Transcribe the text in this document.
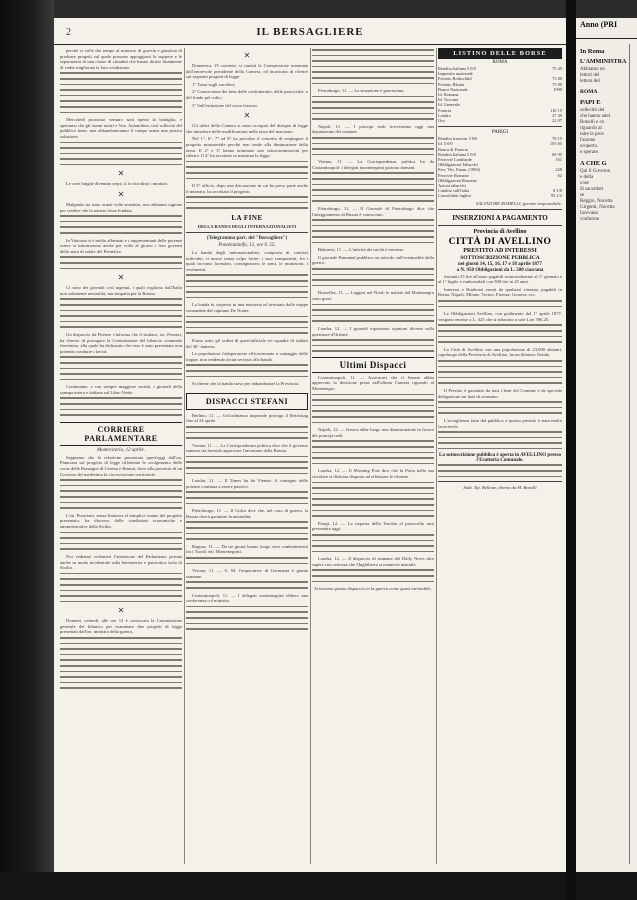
2	IL BERSAGLIERE

perchè si volle dar tempo al ministro di gravità e giustizia di produrre progetti sul quale possono appoggiarsi le suppore e le separazioni di una classe di cittadini che hanno diritto finalmente di veder migliorata la loro condizione.

Mercoledì prossimo venturo sarà aperta la battaglia, e speriamo che gli esami nostri e Von. Aulamibon, così sollecito del pubblico bene, non abbandoneranno il campo senza una pratica soluzione.

✕

Le cose lunghe diventan serpi; sì lo ricordino i ministri.

✕

Malgrado sia stato ormai volte smentito, non abbiamo ragione per credere che la notizia fosse fondata.

In Vaticano si è molto allarmati e i rappresentanti delle potenze estere si informarono anche per volte al giorno i loro governi dello stato di salute del Pontefice.

✕

Ci sono dei giornali così ingenui, i quali vogliono dall'Italia non solamente neutralità, ma simpatia per la Russia.

Un dispaccio da Firenze c'informa che il sindaco, on. Peruzzi, ha chiesto di prorogare la Commissione del bilancio comunale fiorentino, alla quale ha dichiarato che esso è stato presentato non potendo condurre i lavori.

Continuano, e con sempre maggiore serietà, i giornali della stampa estera e italiana sul Libro Verde.

CORRIERE PARLAMENTARE
Montecitorio, 12 aprile.

Sappiamo che la relazione presentata quest'oggi dall'on. Pianciani sul progetto di legge riflettente lo svolgimento delle corse delle Romagne di Cesena e Rimini, dove alla presenza di un Governo del medesimo la circoscrizione territoriale.

L'on. Pianciani, senza limitarsi al semplice esame del progetto presentato, ha discorso delle condizioni economiche e amministrative della Sicilia.

Noi vediamo volentieri l'attenzione del Parlamento portata anche in modo incidentale sulla benemerita e patriottica isola di Sicilia.

✕

Domeni, venerdì, alle ore 12 è convocata la Commissione generale del bilancio per esaminare due progetti di legge presentati dall'on. ministro della guerra.

✕

Domenica, 15 corrente, si riunirà la Commissione nominata dall'onorevole presidente della Camera, ed incaricata di riferire sui seguenti progetti di legge:

1° Tassa sugli zuccheri;

2° Conversione dei beni delle confraternite, delle parrocchie, e del fondo pel culto;

3° Sull'estinzione del corso forzoso.

✕

Gli uffici della Camera si sono occupati del disegno di legge che introduce delle modificazioni nella tassa del macinato.

Nel 1°, 6°, 7° ed 8° ha prevalso il concetto di respingere il progetto ministeriale perchè non tende alla diminuzione della tassa. Il 2° e 3° hanno nominato uno sottocommissioni per riferire. Il 4° ha accettato in massima la legge.

Il 5° ufficio, dopo una discussione in cui ha preso parte anche il ministro, ha accettato il progetto.

LA FINE
DELLA BANDA DEGLI INTERNAZIONALISTI
(Telegramma part. del "Bersagliere")
Pontelandolfo, 12, ore 9. 55.

La banda degli internazionalisti, composta di ventisei individui, si arrese senza colpo ferire; i suoi componenti, fra i quali trovansi forestieri, consegnarono le armi, le munizioni, i vestimenti.

La banda fu sorpresa in una masseria ed arrestata dalle truppe comandate dal capitano De Notter.

Erano sotto gli ordini di quest'ufficiale sei squadre di soldati del 36° fanteria.

Le popolazioni s'adoperarono efficacemente a vantaggio delle truppe, non rendendo alcun servizio alla banda.

Si ritiene che la banda stava per abbandonare la Provincia.

DISPACCI STEFANI

Berlino, 11. — Un'ordinanza imperiale proroga il Reichstag fino al 24 aprile.

Vienna, 11. — La Corrispondenza politica dice che il governo rumeno sta facendo approvare l'invasione della Russia.

Londra, 11. — Il Times ha da Vienna: il contegno delle potenze continua a essere passivo.

Pietroburgo, 11. — Il Golos dice che, nel caso di guerra, la Russia dovrà garantire la neutralità.

Ragusa, 11. — Da tre giorni hanno luogo serii combattimenti fra i Turchi ed i Montenegrini.

Verona, 11. — S. M. l'imperatrice di Germania è giunta stamane.

Costantinopoli, 11. — I delegati montenegrini ebbero una conferenza col ministro.

Pietroburgo, 11. — La situazione è gravissima.

Napoli, 11. — I principi reali riceveranno oggi una deputazione del comune.

Vienna, 11. — La Corrispondenza politica ha da Costantinopoli: i delegati montenegrini partono domani.

Pietroburgo, 11. — Il Giornale di Pietroburgo dice che l'atteggiamento di Russia è conosciuto.

Bukarest, 11. — L'attività dei turchi è estrema.

Il giornale Rumanul pubblica un articolo sull'eventualità della guerra.

Bruxelles, 11. — Leggesi nel Nord: le notizie dal Montenegro sono gravi.

Londra, 12. — I giornali esprimono opinioni diverse sulla questione d'Oriente.

Ultimi Dispacci

Costantinopoli, 11. — Assicurasi che il Senato abbia approvato la decisione presa nell'ultima Camera riguardo al Montenegro.

Napoli, 12. — Iersera ebbe luogo una dimostrazione in favore dei principi reali.

Londra, 12. — Il Morning Post dice che la Porta nella sua circolare si dichiara disposta ad effettuare le riforme.

Parigi, 12. — La risposta della Turchia al protocollo sarà presentata oggi.

Londra, 12. — Il dispaccio di stamane del Daily News dice sapere con certezza che l'Inghilterra si manterrà neutrale.

Si trovano questo dispaccio in la guerra come quasi inevitabile.
LISTINO DELLE BORSE
ROMA
Rendita Italiana 5 0/0	75 45
Impresito nazionale
Prestito Rothschild	73 80
Prestito Blount	75 80
Banca Nazionale	1990
Id. Romana
Id. Toscana
Id. Generale
Francia	110 15
Londra	27 49
Oro	22 07
PARIGI
Rendita francese 3 0/0	70 15
Id. 5 0/0	105 05
Banca di Francia
Rendita Italiana 5 0/0	69 95
Ferrovie Lombarde	161
Obbligazioni Tabacchi
Ferr. Vitt. Eman. (1863)	228
Ferrovie Romane	62
Obbligazioni Romane
Azioni tabacchi
Cambio sull'Italia	8 1/8
Consolidati inglesi	95 1/2
SALVATORE ROMELLI, gerente responsabile.
INSERZIONI A PAGAMENTO
Provincia di Avellino
CITTÀ DI AVELLINO
PRESTITO AD INTERESSI
SOTTOSCRIZIONE PUBBLICA
nei giorni 14, 15, 16, 17 e 18 aprile 1877
a N. 950 Obbligazioni da L. 500 ciascuna

fruttanti 25 lire all'anno pagabili semestralmente al 1° gennaio e al 1° luglio e rimborsabili con 500 lire in 25 anni.

Interessi e Rimborsi esenti da qualsiasi ritenuta, pagabili in Roma, Napoli, Milano, Torino, Firenze, Genova, ecc.

Le Obbligazioni Avellino, con godimento dal 1° aprile 1877, vengono emesse a L. 425 che si riducono a sole Lire 396.25.

La Città di Avellino con una popolazione di 23,000 abitanti, capoluogo della Provincia di Avellino, ha un bilancio florido.

Il Prestito è garantito da tutti i beni del Comune e da speciale delegazione sui dazi di consumo.

L'accoglienza fatta dal pubblico a questo prestito è stata molto favorevole.

La sottoscrizione pubblica è aperta in AVELLINO presso l'Esattoria Comunale.
Stab. Tip. Bellone, diretto da M. Bonelli
Anno (PRI
In Roma
L'AMMINISTRA
Abbiamo un
lettori del
lettera del
ROMA
PAPI E
sollecitò del
che hanno adel
Bonelli e co
riguardo al
tutte le prov
l'azione
scoperto.
e sperare.
A CHE G
Qui il Governo
e della
cose
di sacerdoti
se
Reggio, Nocetta
Girgenti, Nocetta
facevano
conforme
